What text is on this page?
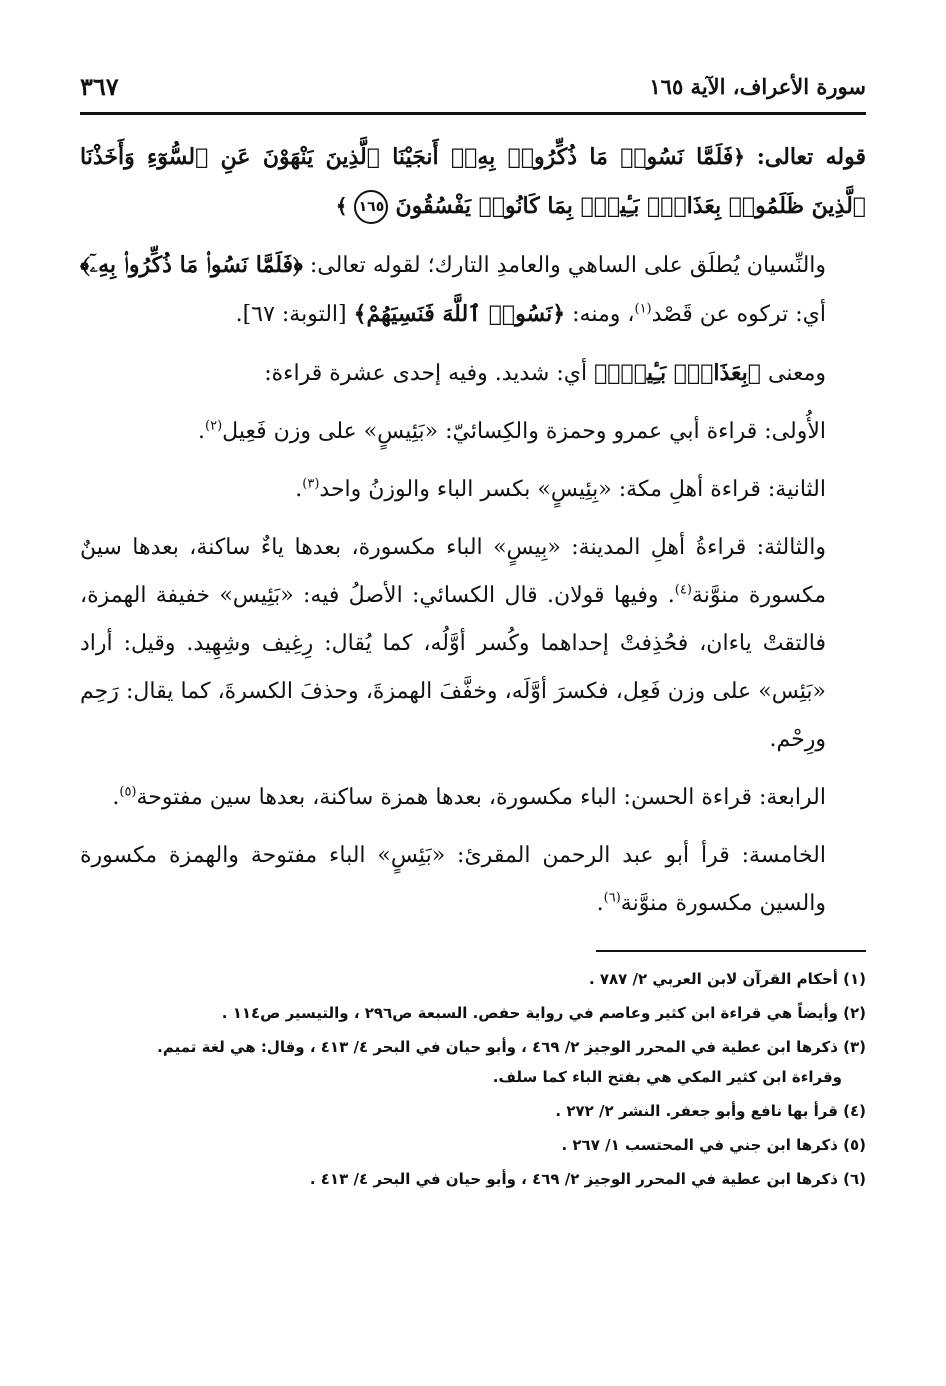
سورة الأعراف، الآية ١٦٥
٣٦٧

قوله تعالى: ﴿فَلَمَّا نَسُوا۟ مَا ذُكِّرُوا۟ بِهِۦٓ أَنجَيْنَا ٱلَّذِينَ يَنْهَوْنَ عَنِ ٱلسُّوٓءِ وَأَخَذْنَا ٱلَّذِينَ ظَلَمُوا۟ بِعَذَابٍۭ بَـِٔيسٍۭ بِمَا كَانُوا۟ يَفْسُقُونَ ١٦٥ ﴾

والنِّسيان يُطلَق على الساهي والعامدِ التارك؛ لقوله تعالى: ﴿فَلَمَّا نَسُوا۟ مَا ذُكِّرُوا۟ بِهِۦٓ﴾ أي: تركوه عن قَصْد$^{(١)}$، ومنه: ﴿نَسُوا۟ ٱللَّهَ فَنَسِيَهُمْ﴾ [التوبة: ٦٧].

ومعنى ﴿بِعَذَابٍۭ بَـِٔيسٍۭ﴾ أي: شديد. وفيه إحدى عشرة قراءة:

الأُولى: قراءة أبي عمرو وحمزة والكِسائيّ: «بَئِيسٍ» على وزن فَعِيل$^{(٢)}$.

الثانية: قراءة أهلِ مكة: «بِئِيسٍ» بكسر الباء والوزنُ واحد$^{(٣)}$.

والثالثة: قراءةُ أهلِ المدينة: «بِيسٍ» الباء مكسورة، بعدها ياءٌ ساكنة، بعدها سينٌ مكسورة منوَّنة$^{(٤)}$. وفيها قولان. قال الكسائي: الأصلُ فيه: «بَئِيس» خفيفة الهمزة، فالتقتْ ياءان، فحُذِفتْ إحداهما وكُسر أوَّلُه، كما يُقال: رِغِيف وشِهِيد. وقيل: أراد «بَئِس» على وزن فَعِل، فكسرَ أوَّلَه، وخفَّفَ الهمزةَ، وحذفَ الكسرةَ، كما يقال: رَحِم ورِحْم.

الرابعة: قراءة الحسن: الباء مكسورة، بعدها همزة ساكنة، بعدها سين مفتوحة$^{(٥)}$.

الخامسة: قرأ أبو عبد الرحمن المقرئ: «بَئِسٍ» الباء مفتوحة والهمزة مكسورة والسين مكسورة منوَّنة$^{(٦)}$.

(١) أحكام القرآن لابن العربي ٢/ ٧٨٧ .

(٢) وأيضاً هي قراءة ابن كثير وعاصم في رواية حفص. السبعة ص٢٩٦ ، والتيسير ص١١٤ .

(٣) ذكرها ابن عطية في المحرر الوجيز ٢/ ٤٦٩ ، وأبو حيان في البحر ٤/ ٤١٣ ، وقال: هي لغة تميم.

وقراءة ابن كثير المكي هي بفتح الباء كما سلف.

(٤) قرأ بها نافع وأبو جعفر. النشر ٢/ ٢٧٢ .

(٥) ذكرها ابن جني في المحتسب ١/ ٢٦٧ .

(٦) ذكرها ابن عطية في المحرر الوجيز ٢/ ٤٦٩ ، وأبو حيان في البحر ٤/ ٤١٣ .
